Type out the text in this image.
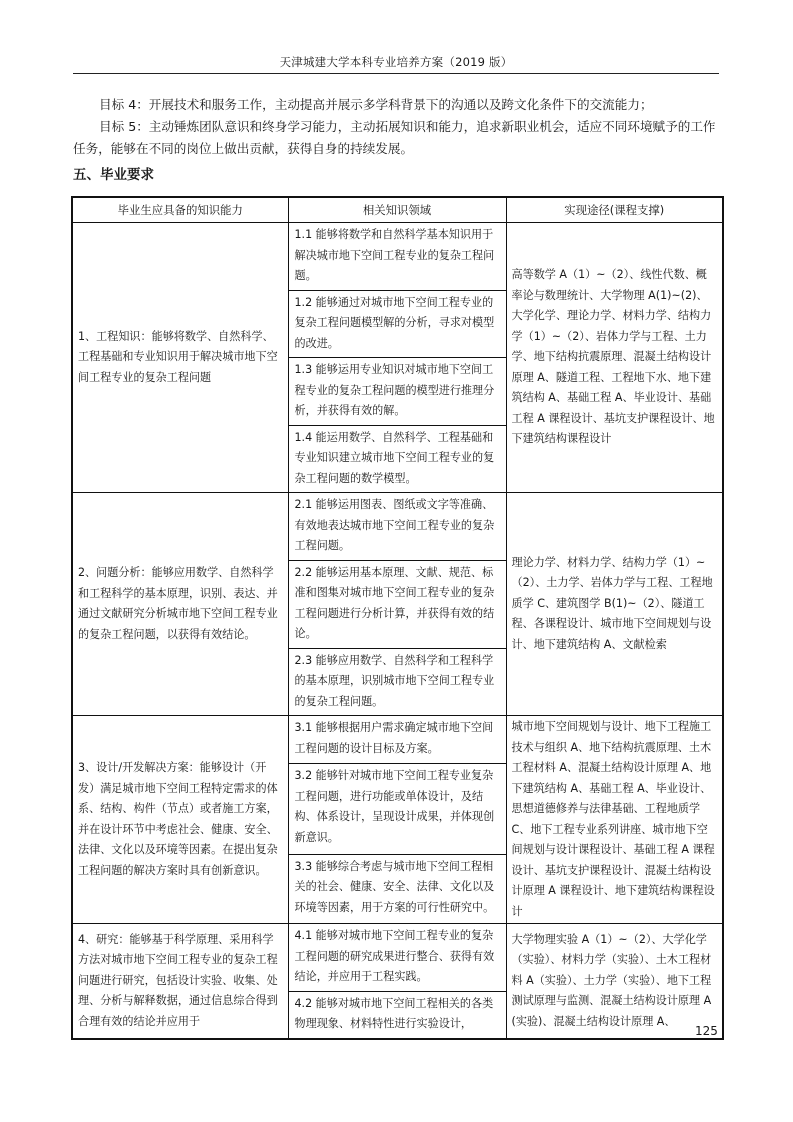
天津城建大学本科专业培养方案（2019 版）
目标 4：开展技术和服务工作，主动提高并展示多学科背景下的沟通以及跨文化条件下的交流能力；
目标 5：主动锤炼团队意识和终身学习能力，主动拓展知识和能力，追求新职业机会，适应不同环境赋予的工作任务，能够在不同的岗位上做出贡献，获得自身的持续发展。
五、毕业要求
毕业生应具备的知识能力	相关知识领域	实现途径(课程支撑)
1、工程知识：能够将数学、自然科学、工程基础和专业知识用于解决城市地下空间工程专业的复杂工程问题	1.1 能够将数学和自然科学基本知识用于解决城市地下空间工程专业的复杂工程问题。	高等数学 A（1）~（2）、线性代数、概率论与数理统计、大学物理 A(1)~(2)、大学化学、理论力学、材料力学、结构力学（1）~（2）、岩体力学与工程、土力学、地下结构抗震原理、混凝土结构设计原理 A、隧道工程、工程地下水、地下建筑结构 A、基础工程 A、毕业设计、基础工程 A 课程设计、基坑支护课程设计、地下建筑结构课程设计
	1.2 能够通过对城市地下空间工程专业的复杂工程问题模型解的分析，寻求对模型的改进。	
	1.3 能够运用专业知识对城市地下空间工程专业的复杂工程问题的模型进行推理分析，并获得有效的解。	
	1.4 能运用数学、自然科学、工程基础和专业知识建立城市地下空间工程专业的复杂工程问题的数学模型。	
2、问题分析：能够应用数学、自然科学和工程科学的基本原理，识别、表达、并通过文献研究分析城市地下空间工程专业的复杂工程问题，以获得有效结论。	2.1 能够运用图表、图纸或文字等准确、有效地表达城市地下空间工程专业的复杂工程问题。	理论力学、材料力学、结构力学（1）~（2）、土力学、岩体力学与工程、工程地质学 C、建筑图学 B(1)~（2）、隧道工程、各课程设计、城市地下空间规划与设计、地下建筑结构 A、文献检索
	2.2 能够运用基本原理、文献、规范、标准和图集对城市地下空间工程专业的复杂工程问题进行分析计算，并获得有效的结论。	
	2.3 能够应用数学、自然科学和工程科学的基本原理，识别城市地下空间工程专业的复杂工程问题。	
3、设计/开发解决方案：能够设计（开发）满足城市地下空间工程特定需求的体系、结构、构件（节点）或者施工方案，并在设计环节中考虑社会、健康、安全、法律、文化以及环境等因素。在提出复杂工程问题的解决方案时具有创新意识。	3.1 能够根据用户需求确定城市地下空间工程问题的设计目标及方案。	城市地下空间规划与设计、地下工程施工技术与组织 A、地下结构抗震原理、土木工程材料 A、混凝土结构设计原理 A、地下建筑结构 A、基础工程 A、毕业设计、思想道德修养与法律基础、工程地质学 C、地下工程专业系列讲座、城市地下空间规划与设计课程设计、基础工程 A 课程设计、基坑支护课程设计、混凝土结构设计原理 A 课程设计、地下建筑结构课程设计
	3.2 能够针对城市地下空间工程专业复杂工程问题，进行功能或单体设计，及结构、体系设计，呈现设计成果，并体现创新意识。	
	3.3 能够综合考虑与城市地下空间工程相关的社会、健康、安全、法律、文化以及环境等因素，用于方案的可行性研究中。	
4、研究：能够基于科学原理、采用科学方法对城市地下空间工程专业的复杂工程问题进行研究，包括设计实验、收集、处理、分析与解释数据，通过信息综合得到合理有效的结论并应用于	4.1 能够对城市地下空间工程专业的复杂工程问题的研究成果进行整合、获得有效结论，并应用于工程实践。	大学物理实验 A（1）~（2）、大学化学（实验）、材料力学（实验）、土木工程材料 A（实验）、土力学（实验）、地下工程测试原理与监测、混凝土结构设计原理 A(实验)、混凝土结构设计原理 A、
	4.2 能够对城市地下空间工程相关的各类物理现象、材料特性进行实验设计，	
125
